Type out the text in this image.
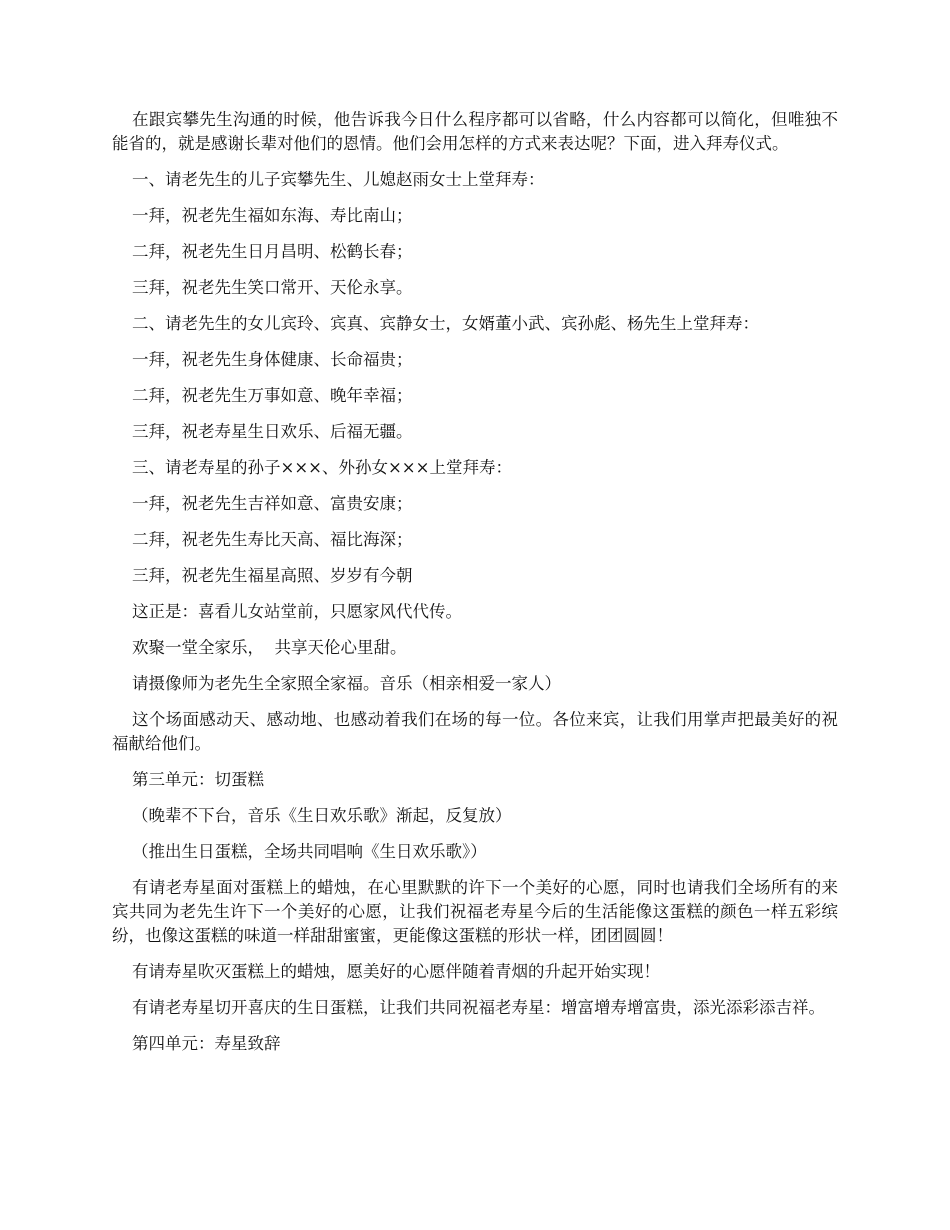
在跟宾攀先生沟通的时候，他告诉我今日什么程序都可以省略，什么内容都可以简化，但唯独不能省的，就是感谢长辈对他们的恩情。他们会用怎样的方式来表达呢？下面，进入拜寿仪式。

一、请老先生的儿子宾攀先生、儿媳赵雨女士上堂拜寿：

一拜，祝老先生福如东海、寿比南山；

二拜，祝老先生日月昌明、松鹤长春；

三拜，祝老先生笑口常开、天伦永享。

二、请老先生的女儿宾玲、宾真、宾静女士，女婿董小武、宾孙彪、杨先生上堂拜寿：

一拜，祝老先生身体健康、长命福贵；

二拜，祝老先生万事如意、晚年幸福；

三拜，祝老寿星生日欢乐、后福无疆。

三、请老寿星的孙子×××、外孙女×××上堂拜寿：

一拜，祝老先生吉祥如意、富贵安康；

二拜，祝老先生寿比天高、福比海深；

三拜，祝老先生福星高照、岁岁有今朝

这正是：喜看儿女站堂前，只愿家风代代传。

欢聚一堂全家乐，  共享天伦心里甜。

请摄像师为老先生全家照全家福。音乐（相亲相爱一家人）

这个场面感动天、感动地、也感动着我们在场的每一位。各位来宾，让我们用掌声把最美好的祝福献给他们。

第三单元：切蛋糕

（晚辈不下台，音乐《生日欢乐歌》渐起，反复放）

（推出生日蛋糕，全场共同唱响《生日欢乐歌》）

有请老寿星面对蛋糕上的蜡烛，在心里默默的许下一个美好的心愿，同时也请我们全场所有的来宾共同为老先生许下一个美好的心愿，让我们祝福老寿星今后的生活能像这蛋糕的颜色一样五彩缤纷，也像这蛋糕的味道一样甜甜蜜蜜，更能像这蛋糕的形状一样，团团圆圆！

有请寿星吹灭蛋糕上的蜡烛，愿美好的心愿伴随着青烟的升起开始实现！

有请老寿星切开喜庆的生日蛋糕，让我们共同祝福老寿星：增富增寿增富贵，添光添彩添吉祥。

第四单元：寿星致辞
